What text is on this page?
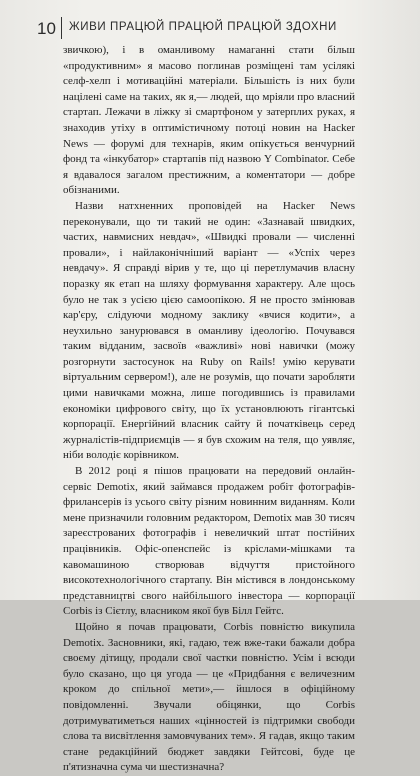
10 ЖИВИ ПРАЦЮЙ ПРАЦЮЙ ПРАЦЮЙ ЗДОХНИ

звичкою), і в оманливому намаганні стати більш «продуктивним» я масово поглинав розміщені там усілякі селф-хелп і мотиваційні матеріали. Більшість із них були націлені саме на таких, як я,— людей, що мріяли про власний стартап. Лежачи в ліжку зі смартфоном у затерплих руках, я знаходив утіху в оптимістичному потоці новин на Hacker News — форумі для технарів, яким опікується венчурний фонд та «інкубатор» стартапів під назвою Y Combinator. Себе я вдавалося загалом престижним, а коментатори — добре обізнаними.

Назви натхненних проповідей на Hacker News переконували, що ти такий не один: «Зазнавай швидких, частих, навмисних невдач», «Швидкі провали — численні провали», і найлаконічніший варіант — «Успіх через невдачу». Я справді вірив у те, що ці перетлумачив власну поразку як етап на шляху формування характеру. Але щось було не так з усією цією самоопікою. Я не просто змінював кар'єру, слідуючи модному заклику «вчися кодити», а неухильно занурювався в оманливу ідеологію. Почувався таким відданим, засвоїв «важливі» нові навички (можу розгорнути застосунок на Ruby on Rails! умію керувати віртуальним сервером!), але не розумів, що почати заробляти цими навичками можна, лише погодившись із правилами економіки цифрового світу, що їх установлюють гігантські корпорації. Енергійний власник сайту й початківець серед журналістів-підприємців — я був схожим на теля, що уявляє, ніби володіє корівником.

В 2012 році я пішов працювати на передовий онлайн-сервіс Demotix, який займався продажем робіт фотографів-фрилансерів із усього світу різним новинним виданням. Коли мене призначили головним редактором, Demotix мав 30 тисяч зареєстрованих фотографів і невеличкий штат постійних працівників. Офіс-опенспейс із кріслами-мішками та кавомашиною створював відчуття пристойного високотехнологічного стартапу. Він містився в лондонському представництві свого найбільшого інвестора — корпорації Corbis із Сієтлу, власником якої був Білл Гейтс.

Щойно я почав працювати, Corbis повністю викупила Demotix. Засновники, які, гадаю, теж вже-таки бажали добра своєму дітищу, продали свої частки повністю. Усім і всюди було сказано, що ця угода — це «Придбання є величезним кроком до спільної мети»,— йшлося в офіційному повідомленні. Звучали обіцянки, що Corbis дотримуватиметься наших «цінностей із підтримки свободи слова та висвітлення замовчуваних тем». Я гадав, якщо таким стане редакційний бюджет завдяки Гейтсові, буде це п'ятизначна сума чи шестизначна?
